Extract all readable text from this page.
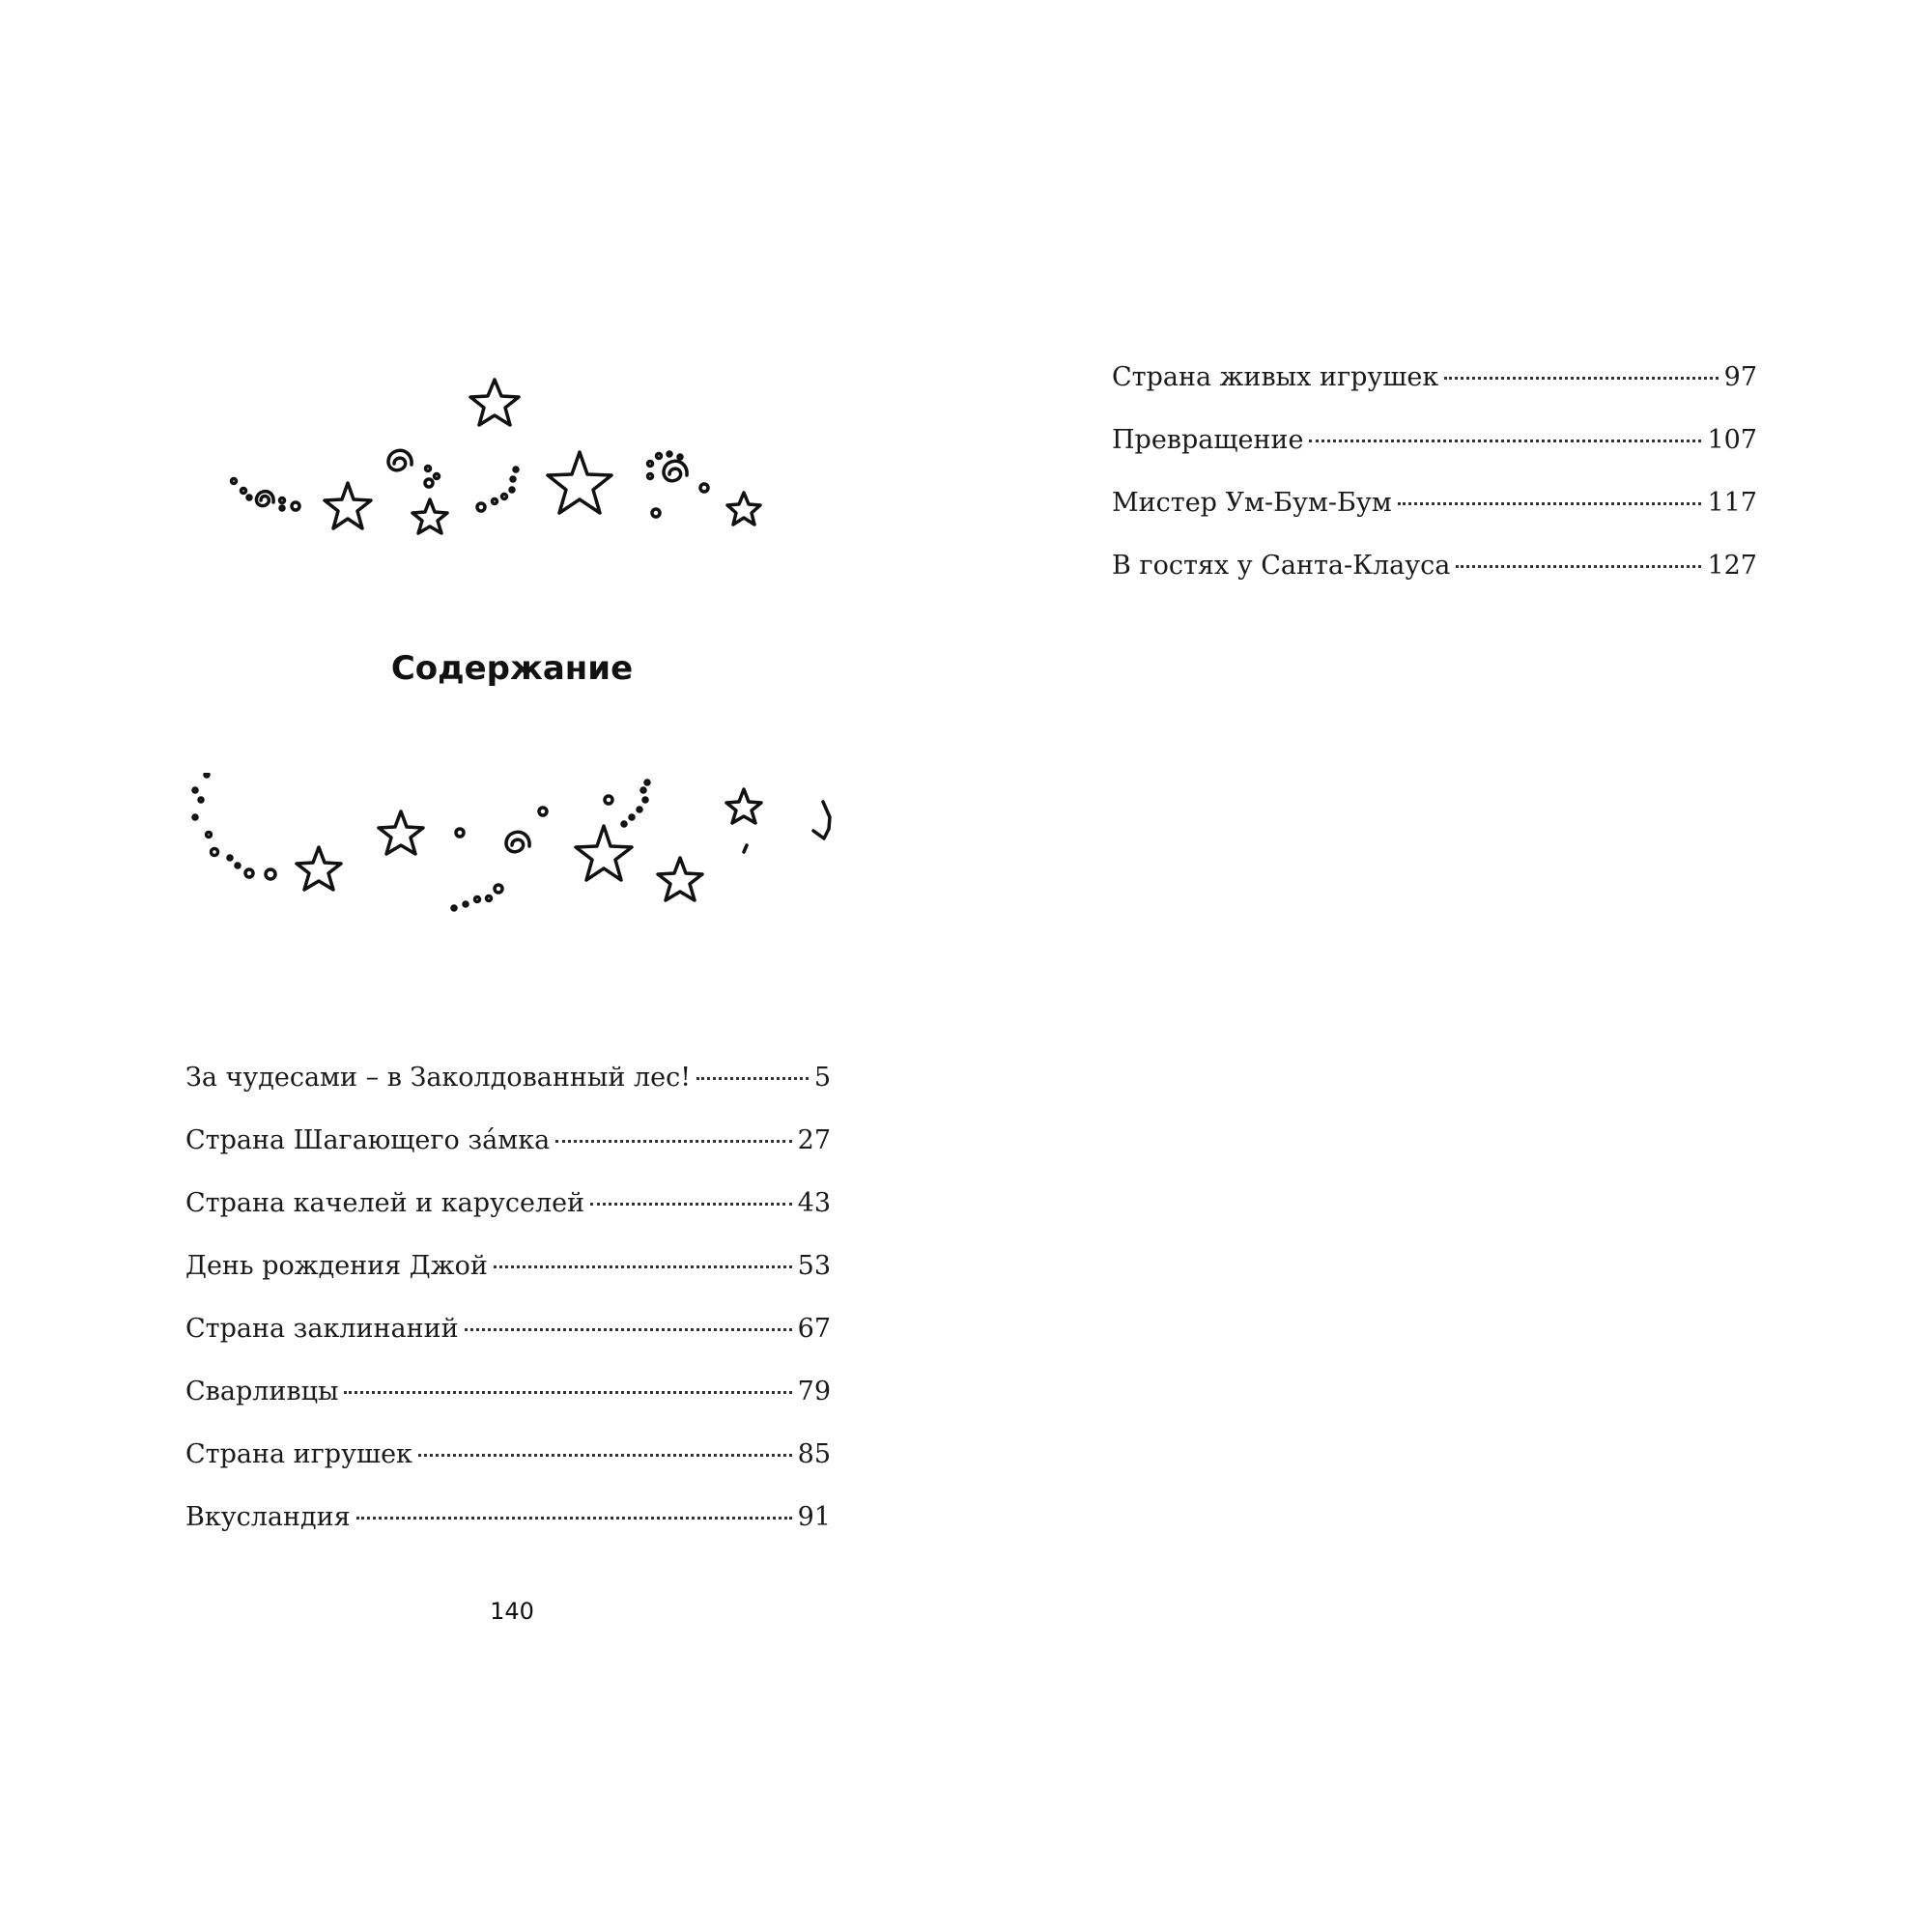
Содержание
За чудесами – в Заколдованный лес!	5
Страна Шагающего за́мка	27
Страна качелей и каруселей	43
День рождения Джой	53
Страна заклинаний	67
Сварливцы	79
Страна игрушек	85
Вкусландия	91
140
Страна живых игрушек	97
Превращение	107
Мистер Ум-Бум-Бум	117
В гостях у Санта-Клауса	127
